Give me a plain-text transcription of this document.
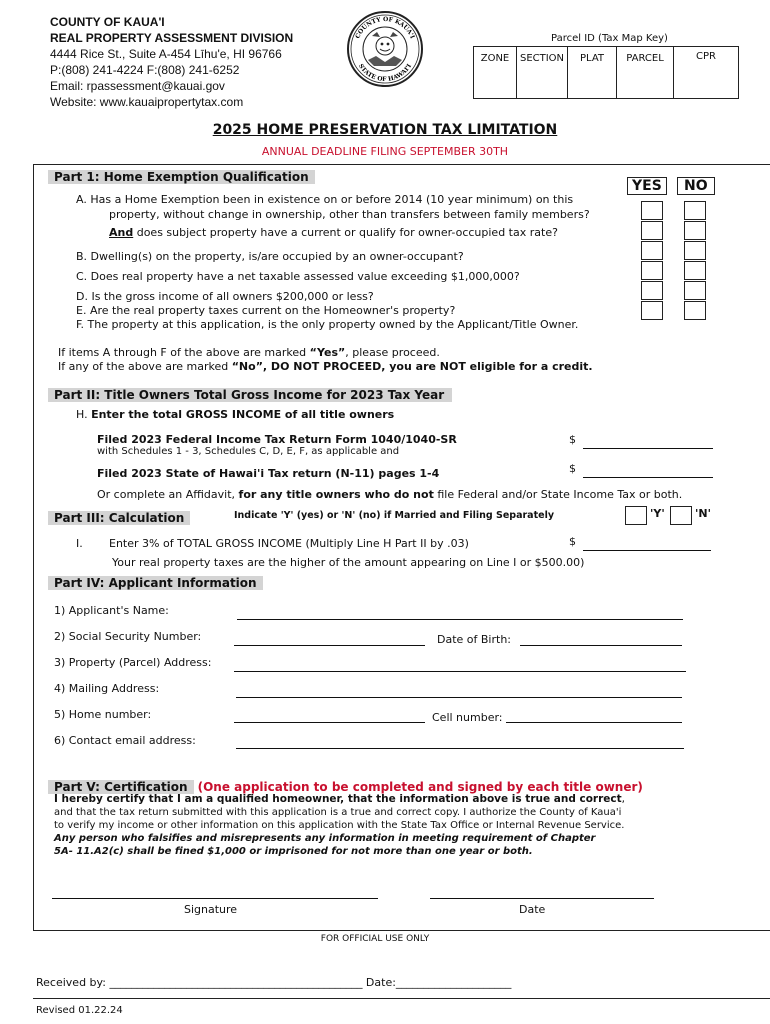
COUNTY OF KAUA'I
REAL PROPERTY ASSESSMENT DIVISION
4444 Rice St., Suite A-454 Līhu'e, HI 96766
P:(808) 241-4224 F:(808) 241-6252
Email: rpassessment@kauai.gov
Website: www.kauaipropertytax.com
COUNTY OF KAUA'I
STATE OF HAWAI'I
Parcel ID (Tax Map Key)
ZONE	SECTION	PLAT	PARCEL	CPR
2025 HOME PRESERVATION TAX LIMITATION
ANNUAL DEADLINE FILING SEPTEMBER 30TH
Part 1: Home Exemption Qualification
YES	NO
A. Has a Home Exemption been in existence on or before 2014 (10 year minimum) on this
property, without change in ownership, other than transfers between family members?
And does subject property have a current or qualify for owner-occupied tax rate?
B. Dwelling(s) on the property, is/are occupied by an owner-occupant?
C. Does real property have a net taxable assessed value exceeding $1,000,000?
D. Is the gross income of all owners $200,000 or less?
E. Are the real property taxes current on the Homeowner's property?
F. The property at this application, is the only property owned by the Applicant/Title Owner.
If items A through F of the above are marked “Yes”, please proceed.
If any of the above are marked “No”, DO NOT PROCEED, you are NOT eligible for a credit.
Part II: Title Owners Total Gross Income for 2023 Tax Year
H. Enter the total GROSS INCOME of all title owners
Filed 2023 Federal Income Tax Return Form 1040/1040-SR
with Schedules 1 - 3, Schedules C, D, E, F, as applicable and
$
Filed 2023 State of Hawai'i Tax return (N-11) pages 1-4	$
Or complete an Affidavit, for any title owners who do not file Federal and/or State Income Tax or both.
Part III: Calculation	Indicate 'Y' (yes) or 'N' (no) if Married and Filing Separately	'Y'	'N'
I. Enter 3% of TOTAL GROSS INCOME (Multiply Line H Part II by .03)	$
Your real property taxes are the higher of the amount appearing on Line I or $500.00)
Part IV: Applicant Information
1) Applicant's Name:
2) Social Security Number:	Date of Birth:
3) Property (Parcel) Address:
4) Mailing Address:
5) Home number:	Cell number:
6) Contact email address:
Part V: Certification (One application to be completed and signed by each title owner)
I hereby certify that I am a qualified homeowner, that the information above is true and correct,
and that the tax return submitted with this application is a true and correct copy. I authorize the County of Kaua'i
to verify my income or other information on this application with the State Tax Office or Internal Revenue Service.
Any person who falsifies and misrepresents any information in meeting requirement of Chapter
5A- 11.A2(c) shall be fined $1,000 or imprisoned for not more than one year or both.
Signature	Date
FOR OFFICIAL USE ONLY
Received by: ______________________________________________ Date:_____________________
Revised 01.22.24
